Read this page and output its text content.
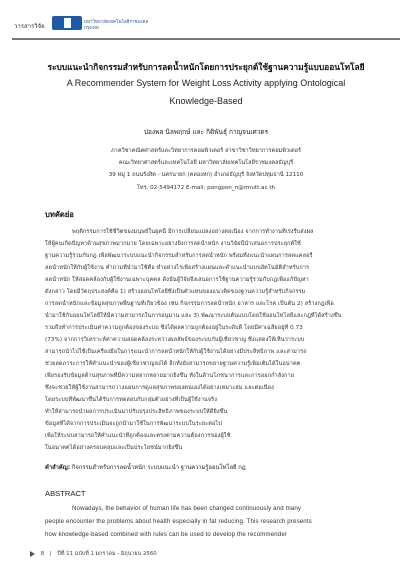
วารสารวิจัย
มหาวิทยาลัยเทคโนโลยีราชมงคล
กรุงเทพ
ระบบแนะนำกิจกรรมสำหรับการลดน้ำหนักโดยการประยุกต์ใช้ฐานความรู้แบบออนโทโลยี
A Recommender System for Weight Loss Activity applying Ontological
Knowledge-Based
ปองพล นิลพฤกษ์ และ กิติพันธุ์ กาญจนเศวตร
ภาควิชาคณิตศาสตร์และวิทยาการคอมพิวเตอร์ สาขาวิชาวิทยาการคอมพิวเตอร์
คณะวิทยาศาสตร์และเทคโนโลยี มหาวิทยาลัยเทคโนโลยีราชมงคลธัญบุรี
39 หมู่ 1 ถนนรังสิต - นครนายก (คลองหก) อำเภอธัญบุรี จังหวัดปทุมธานี 12110
โทร. 02-5494172 E-mail: pongpon_n@rmutt.ac.th
บทคัดย่อ
พฤติกรรมการใช้ชีวิตของมนุษย์ในยุคนี้ มีการเปลี่ยนแปลงอย่างต่อเนื่อง จากการทำงานที่เร่งรีบส่งผล
ให้ผู้คนเกิดปัญหาด้านสุขภาพมากมาย โดยเฉพาะอย่างยิ่งการลดน้ำหนัก งานวิจัยนี้นำเสนอการประยุกต์ใช้
ฐานความรู้ร่วมกับกฎ เพื่อพัฒนาระบบแนะนำกิจกรรมสำหรับการลดน้ำหนัก พร้อมทั้งแนะนำแผนการลดแคลอรี่
ลดน้ำหนักให้กับผู้ใช้งาน คำถามที่นำมาใช้คือ ทำอย่างไรเพื่อสร้างแผนและคำแนะนำแบบอัตโนมัติสำหรับการ
ลดน้ำหนัก ให้สอดคล้องกับผู้ใช้งานเฉพาะบุคคล ดังนั้นผู้วิจัยจึงเสนอการใช้ฐานความรู้ร่วมกับกฎเพื่อแก้ปัญหา
ดังกล่าว โดยมีวัตถุประสงค์คือ 1) สร้างออนโทโลยีซึ่งเป็นตัวแทนของแนวคิดของฐานความรู้สำหรับกิจกรรม
การลดน้ำหนักและข้อมูลสุขภาพพื้นฐานที่เกี่ยวข้อง เช่น กิจกรรมการลดน้ำหนัก อาหาร และโรค เป็นต้น 2) สร้างกฎเพื่อ
นำมาใช้กับออนโทโลยีให้มีความสามารถในการอนุมาน และ 3) พัฒนาระบบต้นแบบโดยใช้ออนโทโลยีและกฎที่ได้สร้างขึ้น
รวมถึงทำการประเมินค่าความถูกต้องของระบบ ซึ่งได้ผลความถูกต้องอยู่ในระดับดี โดยมีค่าเฉลี่ยอยู่ที่ 0.73
(73%) จากการวิเคราะห์ค่าความสอดคล้องระหว่างผลลัพธ์ของระบบกับผู้เชี่ยวชาญ ซึ่งแสดงให้เห็นว่าระบบ
สามารถนำไปใช้เป็นเครื่องมือในการแนะนำการลดน้ำหนักให้กับผู้ใช้งานได้อย่างมีประสิทธิภาพ และสามารถ
ช่วยลดภาระการให้คำแนะนำของผู้เชี่ยวชาญลงได้ อีกทั้งยังสามารถขยายฐานความรู้เพิ่มเติมได้ในอนาคต
เพื่อรองรับข้อมูลด้านสุขภาพที่มีความหลากหลายมากยิ่งขึ้น ทั้งในด้านโภชนาการและการออกกำลังกาย
ซึ่งจะช่วยให้ผู้ใช้งานสามารถวางแผนการดูแลสุขภาพของตนเองได้อย่างเหมาะสม และต่อเนื่อง
โดยระบบที่พัฒนาขึ้นได้รับการทดสอบกับกลุ่มตัวอย่างที่เป็นผู้ใช้งานจริง
ทำให้สามารถนำผลการประเมินมาปรับปรุงประสิทธิภาพของระบบให้ดียิ่งขึ้น
ข้อมูลที่ได้จากการประเมินจะถูกนำมาใช้ในการพัฒนาระบบในระยะต่อไป
เพื่อให้ระบบสามารถให้คำแนะนำที่ถูกต้องและตรงตามความต้องการของผู้ใช้
ในอนาคตได้อย่างครอบคลุมและเป็นประโยชน์มากยิ่งขึ้น
คำสำคัญ: กิจกรรมสำหรับการลดน้ำหนัก ระบบแนะนำ ฐานความรู้ออนโทโลยี กฎ
ABSTRACT
Nowadays, the behavior of human life has been changed continuously and many
people encounter the problems about health especially in fat reducing. This research presents
how knowledge-based combined with rules can be used to develop the recommender
8 | ปีที่ 11 ฉบับที่ 1 มกราคม - มิถุนายน 2560
